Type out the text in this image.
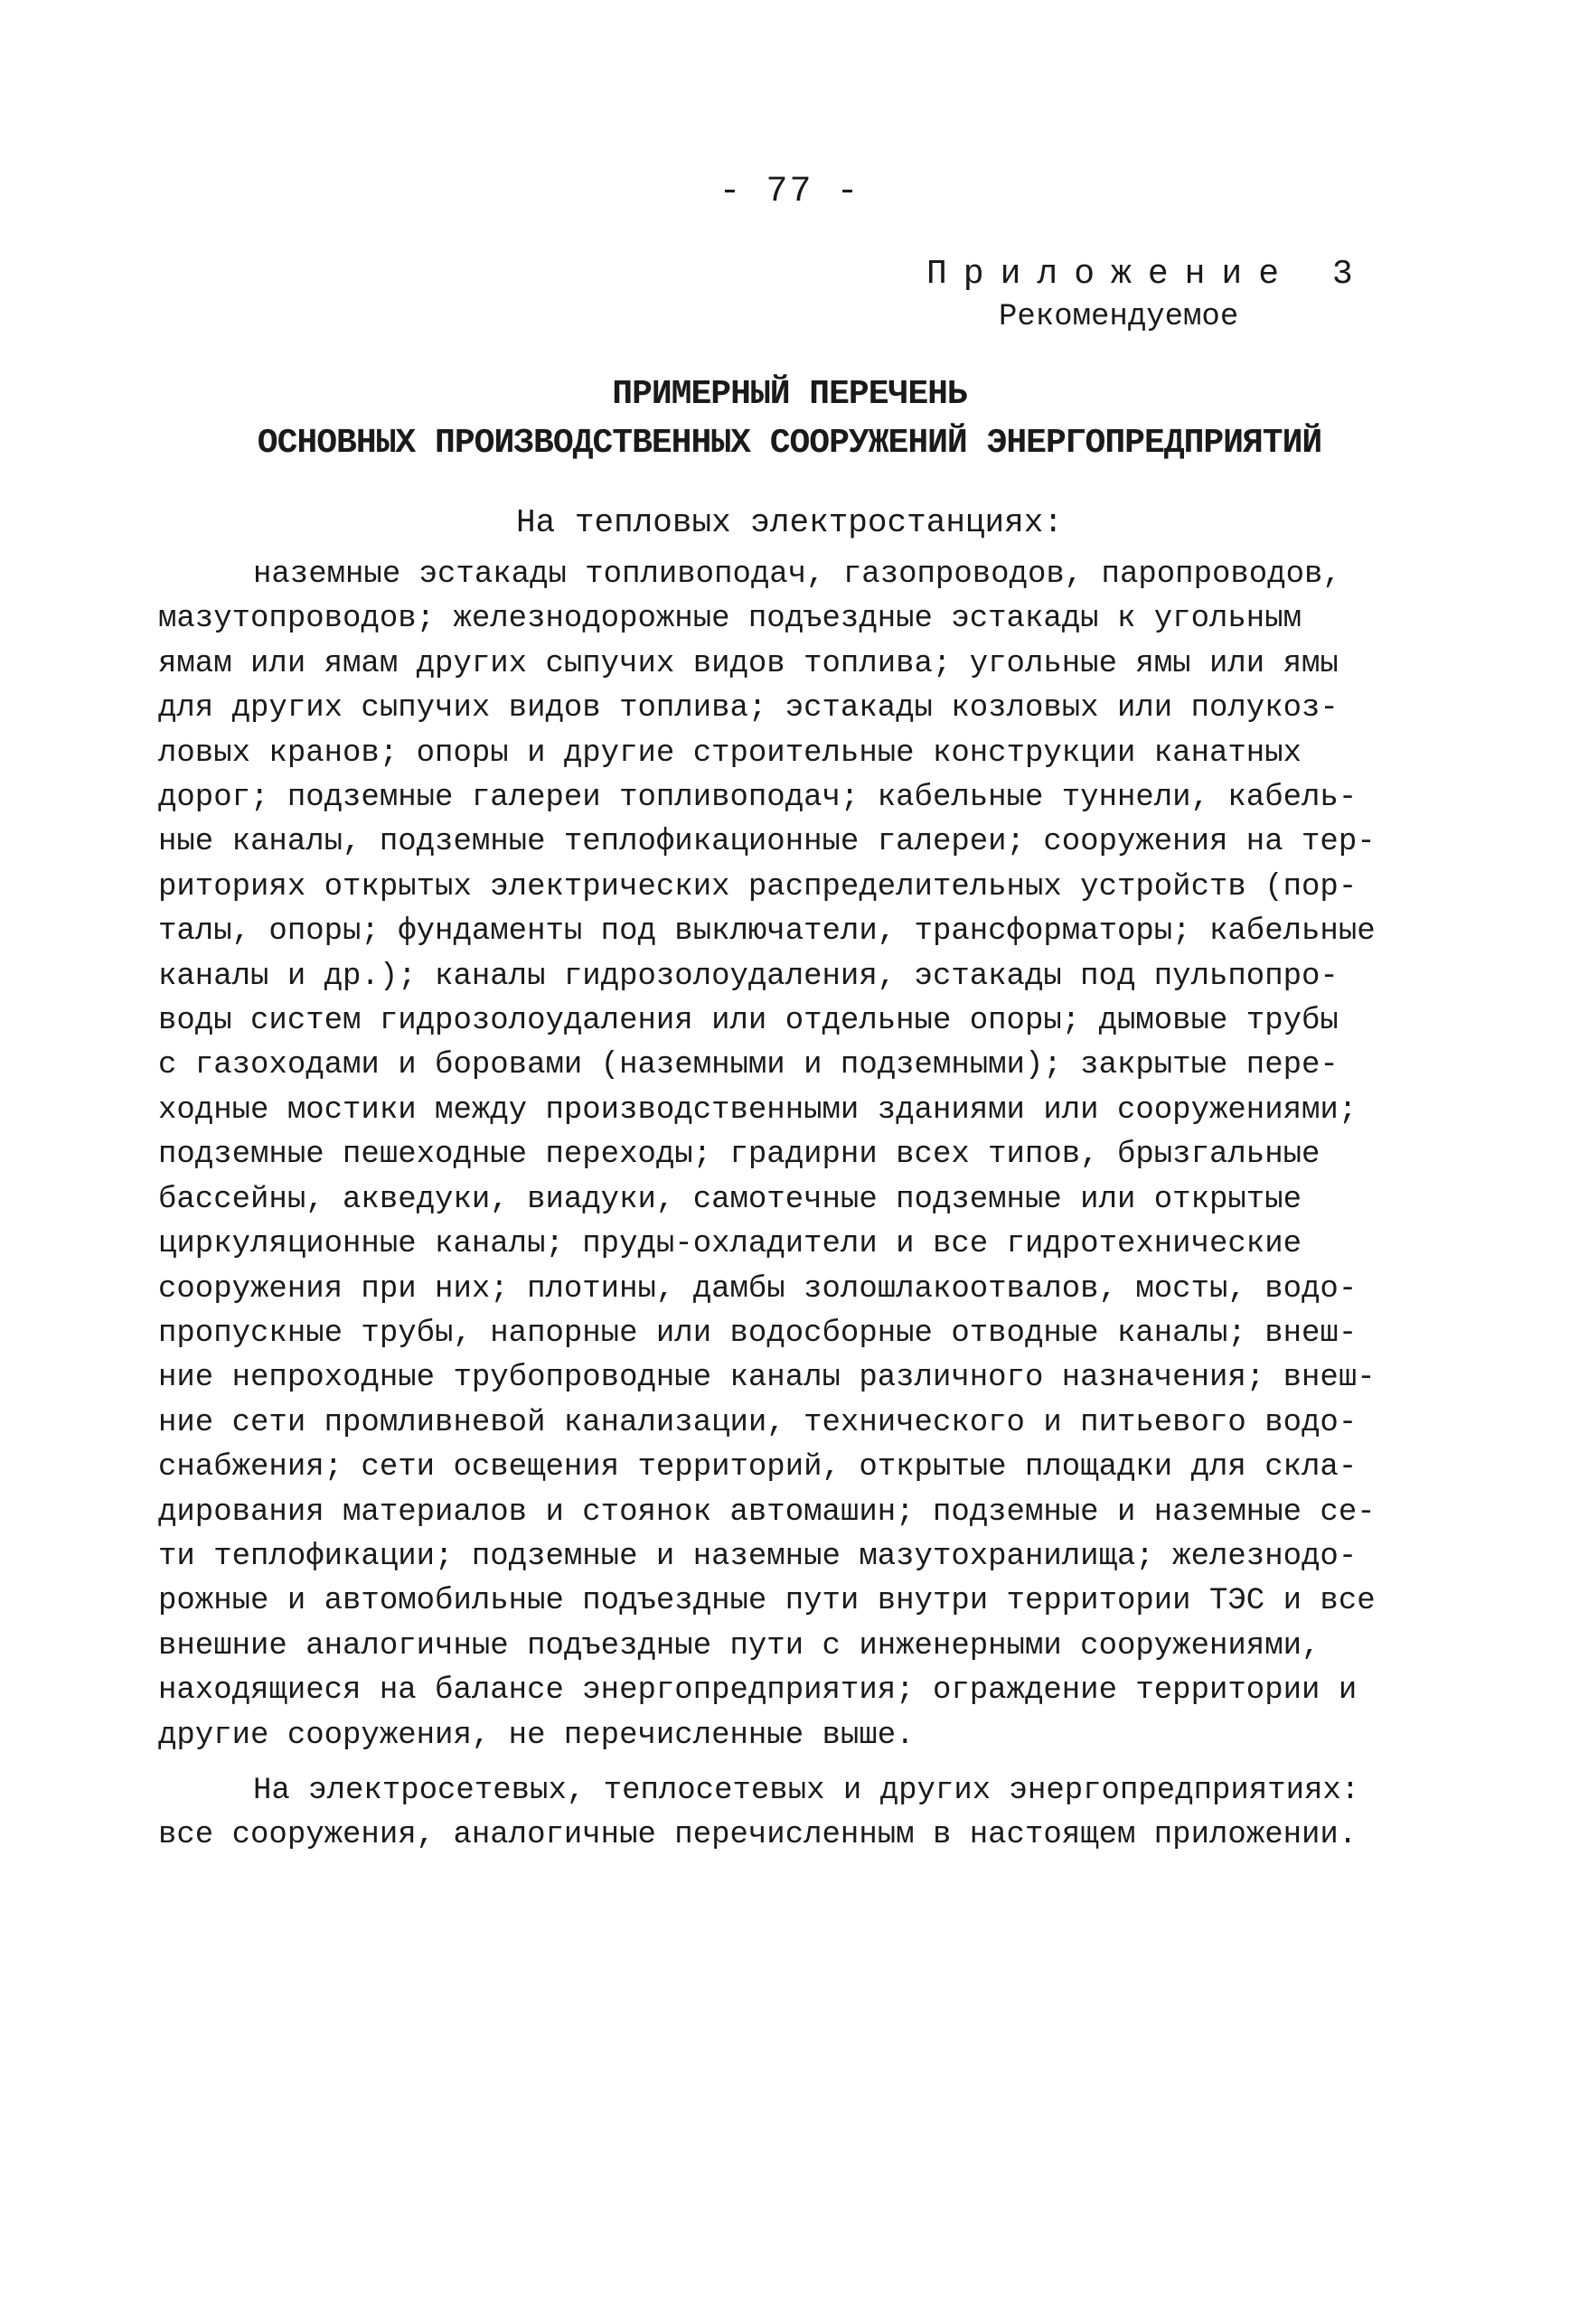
- 77 -
Приложение 3
Рекомендуемое
ПРИМЕРНЫЙ ПЕРЕЧЕНЬ
ОСНОВНЫХ ПРОИЗВОДСТВЕННЫХ СООРУЖЕНИЙ ЭНЕРГОПРЕДПРИЯТИЙ
На тепловых электростанциях:
наземные эстакады топливоподач, газопроводов, паропроводов,
мазутопроводов; железнодорожные подъездные эстакады к угольным
ямам или ямам других сыпучих видов топлива; угольные ямы или ямы
для других сыпучих видов топлива; эстакады козловых или полукоз-
ловых кранов; опоры и другие строительные конструкции канатных
дорог; подземные галереи топливоподач; кабельные туннели, кабель-
ные каналы, подземные теплофикационные галереи; сооружения на тер-
риториях открытых электрических распределительных устройств (пор-
талы, опоры; фундаменты под выключатели, трансформаторы; кабельные
каналы и др.); каналы гидрозолоудаления, эстакады под пульпопро-
воды систем гидрозолоудаления или отдельные опоры; дымовые трубы
с газоходами и боровами (наземными и подземными); закрытые пере-
ходные мостики между производственными зданиями или сооружениями;
подземные пешеходные переходы; градирни всех типов, брызгальные
бассейны, акведуки, виадуки, самотечные подземные или открытые
циркуляционные каналы; пруды-охладители и все гидротехнические
сооружения при них; плотины, дамбы золошлакоотвалов, мосты, водо-
пропускные трубы, напорные или водосборные отводные каналы; внеш-
ние непроходные трубопроводные каналы различного назначения; внеш-
ние сети промливневой канализации, технического и питьевого водо-
снабжения; сети освещения территорий, открытые площадки для скла-
дирования материалов и стоянок автомашин; подземные и наземные се-
ти теплофикации; подземные и наземные мазутохранилища; железнодо-
рожные и автомобильные подъездные пути внутри территории ТЭС и все
внешние аналогичные подъездные пути с инженерными сооружениями,
находящиеся на балансе энергопредприятия; ограждение территории и
другие сооружения, не перечисленные выше.
На электросетевых, теплосетевых и других энергопредприятиях:
все сооружения, аналогичные перечисленным в настоящем приложении.
